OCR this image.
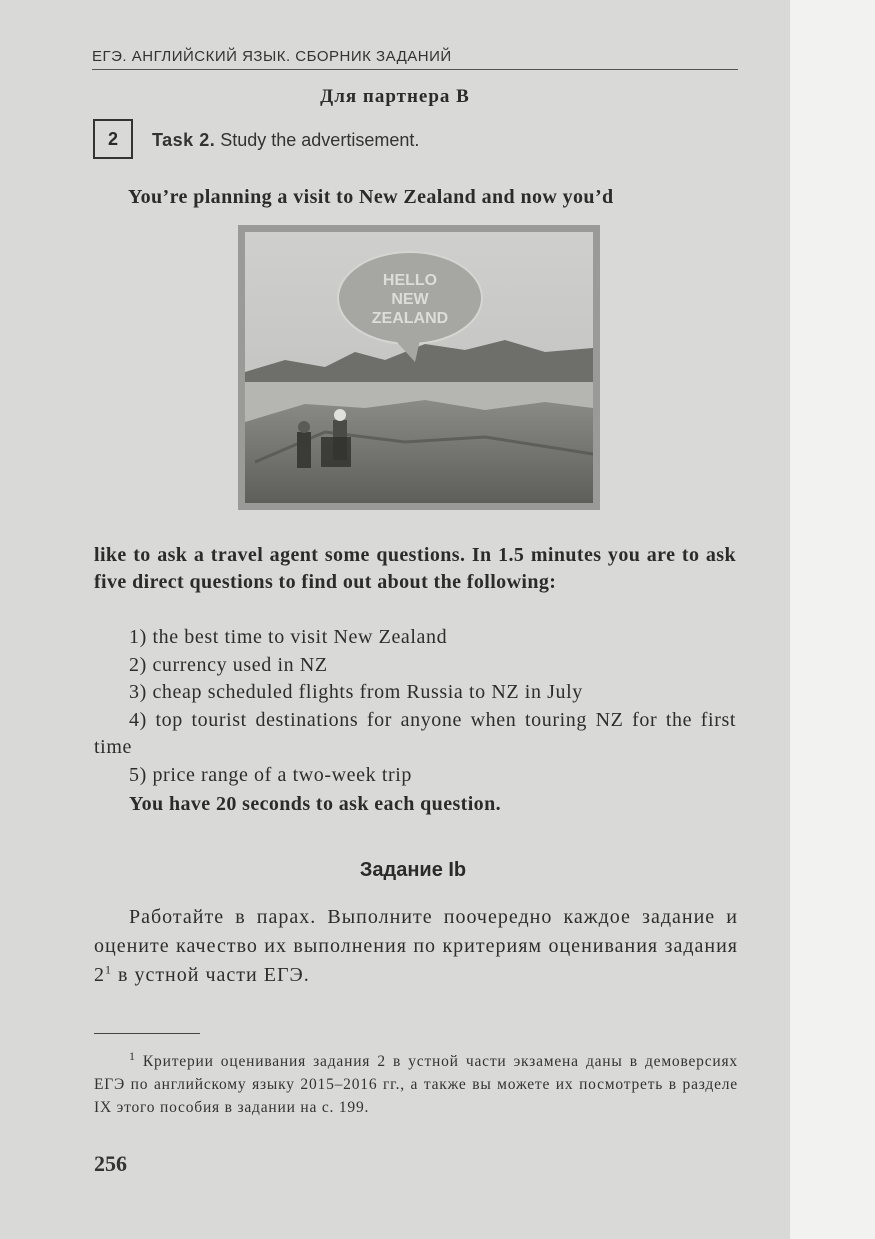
ЕГЭ. АНГЛИЙСКИЙ ЯЗЫК. СБОРНИК ЗАДАНИЙ
Для партнера B
2	Task 2. Study the advertisement.
You’re planning a visit to New Zealand and now you’d
HELLO
NEW
ZEALAND
like to ask a travel agent some questions. In 1.5 minutes you are to ask five direct questions to find out about the following:
1) the best time to visit New Zealand
2) currency used in NZ
3) cheap scheduled flights from Russia to NZ in July
4) top tourist destinations for anyone when touring NZ for the first time
5) price range of a two-week trip
You have 20 seconds to ask each question.
Задание Ib
Работайте в парах. Выполните поочередно каждое задание и оцените качество их выполнения по критериям оценивания задания $2^1$ в устной части ЕГЭ.
$^1$ Критерии оценивания задания 2 в устной части экзамена даны в демоверсиях ЕГЭ по английскому языку 2015–2016 гг., а также вы можете их посмотреть в разделе IX этого пособия в задании на с. 199.
256
